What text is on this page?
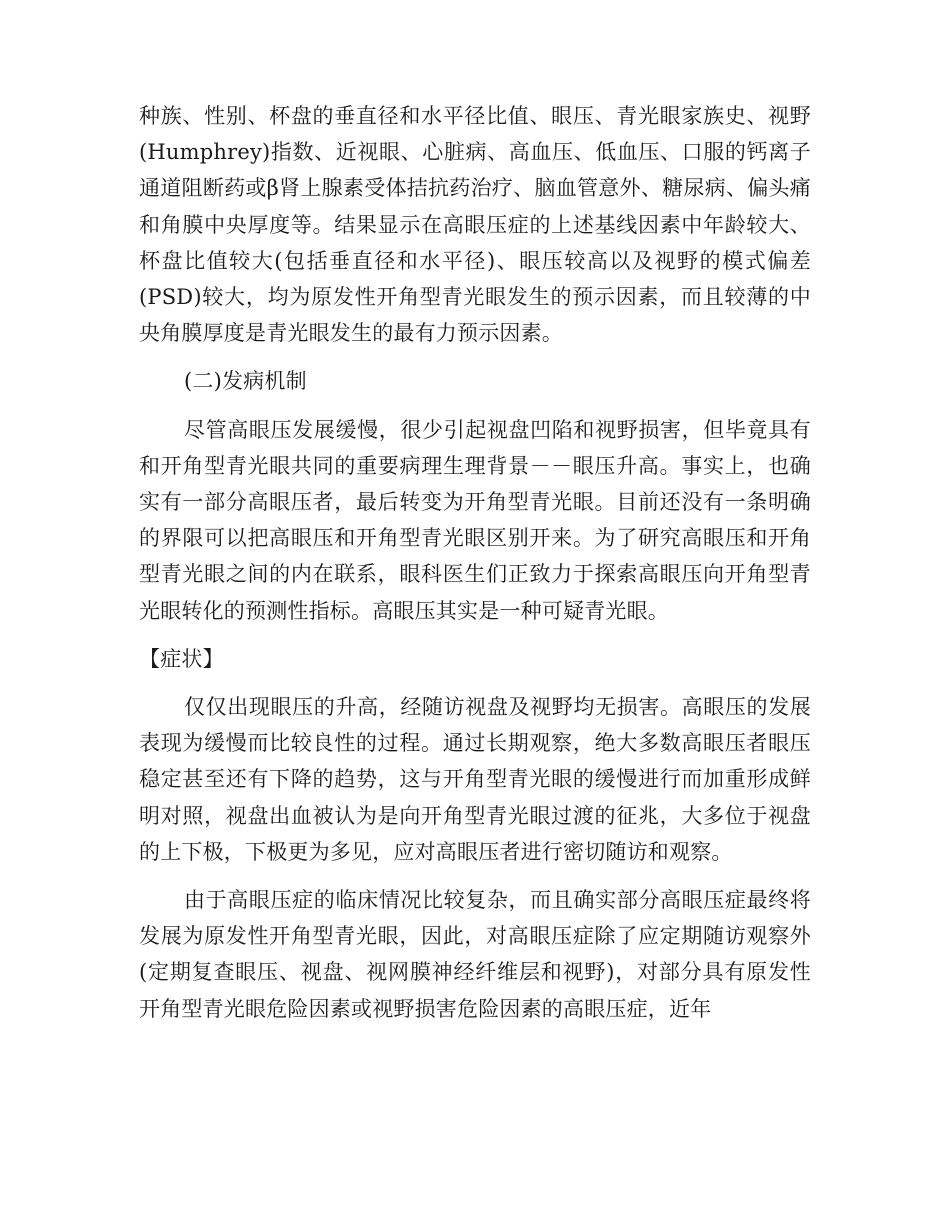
种族、性别、杯盘的垂直径和水平径比值、眼压、青光眼家族史、视野(Humphrey)指数、近视眼、心脏病、高血压、低血压、口服的钙离子通道阻断药或β肾上腺素受体拮抗药治疗、脑血管意外、糖尿病、偏头痛和角膜中央厚度等。结果显示在高眼压症的上述基线因素中年龄较大、杯盘比值较大(包括垂直径和水平径)、眼压较高以及视野的模式偏差(PSD)较大，均为原发性开角型青光眼发生的预示因素，而且较薄的中央角膜厚度是青光眼发生的最有力预示因素。

(二)发病机制

尽管高眼压发展缓慢，很少引起视盘凹陷和视野损害，但毕竟具有和开角型青光眼共同的重要病理生理背景－－眼压升高。事实上，也确实有一部分高眼压者，最后转变为开角型青光眼。目前还没有一条明确的界限可以把高眼压和开角型青光眼区别开来。为了研究高眼压和开角型青光眼之间的内在联系，眼科医生们正致力于探索高眼压向开角型青光眼转化的预测性指标。高眼压其实是一种可疑青光眼。

【症状】

仅仅出现眼压的升高，经随访视盘及视野均无损害。高眼压的发展表现为缓慢而比较良性的过程。通过长期观察，绝大多数高眼压者眼压稳定甚至还有下降的趋势，这与开角型青光眼的缓慢进行而加重形成鲜明对照，视盘出血被认为是向开角型青光眼过渡的征兆，大多位于视盘的上下极，下极更为多见，应对高眼压者进行密切随访和观察。

由于高眼压症的临床情况比较复杂，而且确实部分高眼压症最终将发展为原发性开角型青光眼，因此，对高眼压症除了应定期随访观察外(定期复查眼压、视盘、视网膜神经纤维层和视野)，对部分具有原发性开角型青光眼危险因素或视野损害危险因素的高眼压症，近年
